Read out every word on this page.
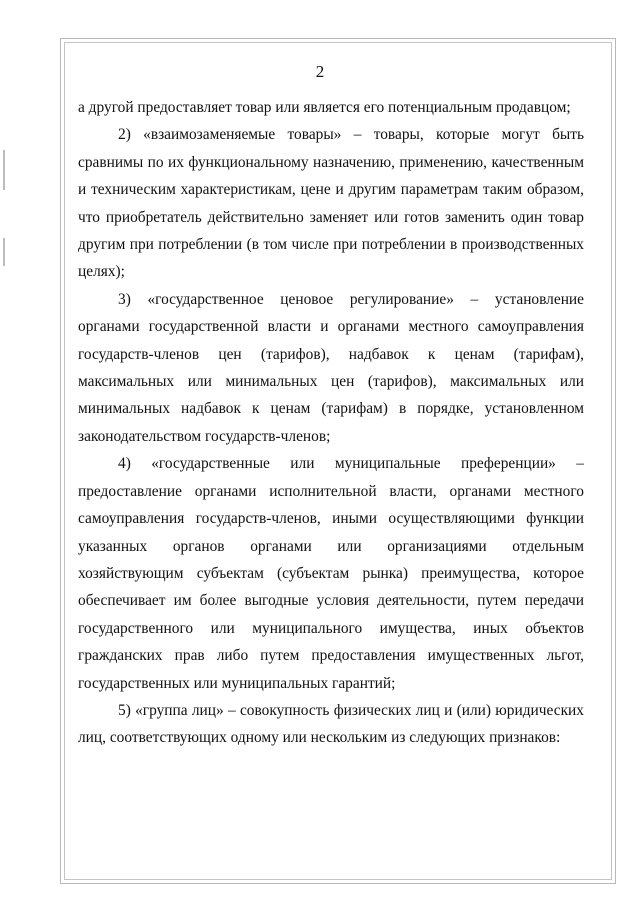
2

а другой предоставляет товар или является его потенциальным продавцом;

2) «взаимозаменяемые товары» – товары, которые могут быть сравнимы по их функциональному назначению, применению, качественным и техническим характеристикам, цене и другим параметрам таким образом, что приобретатель действительно заменяет или готов заменить один товар другим при потреблении (в том числе при потреблении в производственных целях);

3) «государственное ценовое регулирование» – установление органами государственной власти и органами местного самоуправления государств-членов цен (тарифов), надбавок к ценам (тарифам), максимальных или минимальных цен (тарифов), максимальных или минимальных надбавок к ценам (тарифам) в порядке, установленном законодательством государств-членов;

4) «государственные или муниципальные преференции» – предоставление органами исполнительной власти, органами местного самоуправления государств-членов, иными осуществляющими функции указанных органов органами или организациями отдельным хозяйствующим субъектам (субъектам рынка) преимущества, которое обеспечивает им более выгодные условия деятельности, путем передачи государственного или муниципального имущества, иных объектов гражданских прав либо путем предоставления имущественных льгот, государственных или муниципальных гарантий;

5) «группа лиц» – совокупность физических лиц и (или) юридических лиц, соответствующих одному или нескольким из следующих признаков:
